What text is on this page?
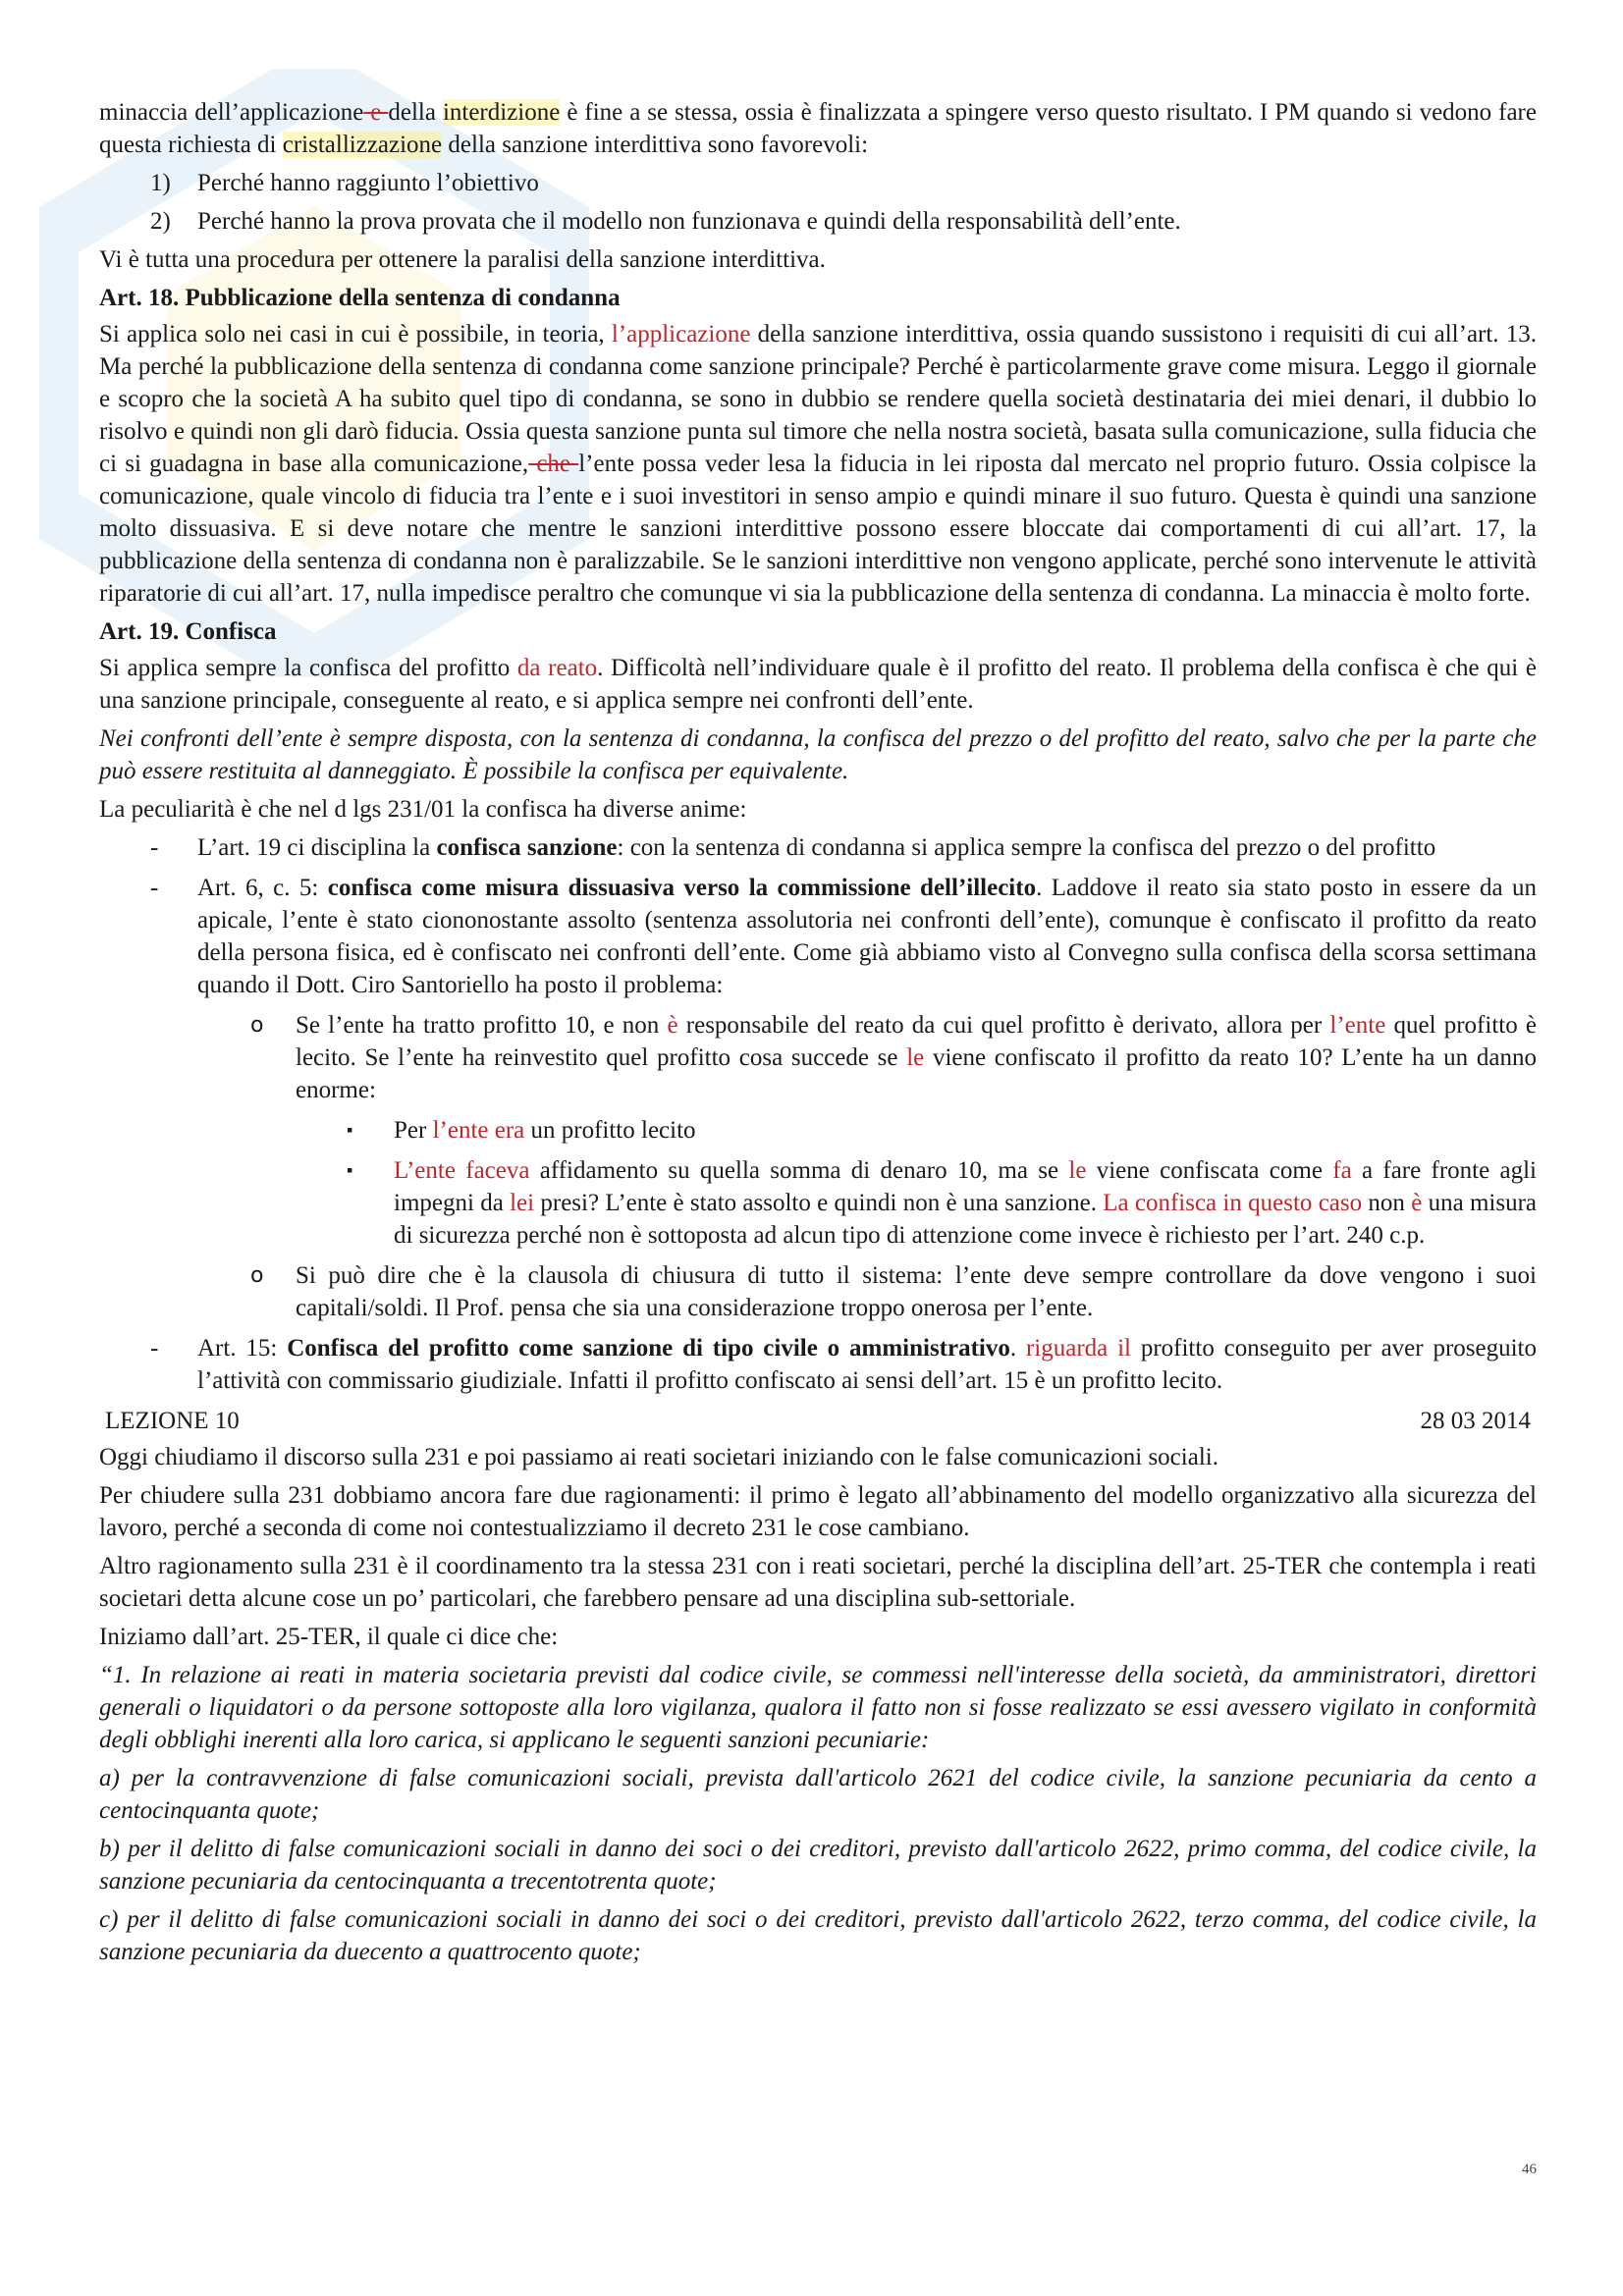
minaccia dell’applicazione e della interdizione è fine a se stessa, ossia è finalizzata a spingere verso questo risultato. I PM quando si vedono fare questa richiesta di cristallizzazione della sanzione interdittiva sono favorevoli:

1) Perché hanno raggiunto l’obiettivo
2) Perché hanno la prova provata che il modello non funzionava e quindi della responsabilità dell’ente.

Vi è tutta una procedura per ottenere la paralisi della sanzione interdittiva.

Art. 18. Pubblicazione della sentenza di condanna

Si applica solo nei casi in cui è possibile, in teoria, l’applicazione della sanzione interdittiva, ossia quando sussistono i requisiti di cui all’art. 13. Ma perché la pubblicazione della sentenza di condanna come sanzione principale? Perché è particolarmente grave come misura. Leggo il giornale e scopro che la società A ha subito quel tipo di condanna, se sono in dubbio se rendere quella società destinataria dei miei denari, il dubbio lo risolvo e quindi non gli darò fiducia. Ossia questa sanzione punta sul timore che nella nostra società, basata sulla comunicazione, sulla fiducia che ci si guadagna in base alla comunicazione, che l’ente possa veder lesa la fiducia in lei riposta dal mercato nel proprio futuro. Ossia colpisce la comunicazione, quale vincolo di fiducia tra l’ente e i suoi investitori in senso ampio e quindi minare il suo futuro. Questa è quindi una sanzione molto dissuasiva. E si deve notare che mentre le sanzioni interdittive possono essere bloccate dai comportamenti di cui all’art. 17, la pubblicazione della sentenza di condanna non è paralizzabile. Se le sanzioni interdittive non vengono applicate, perché sono intervenute le attività riparatorie di cui all’art. 17, nulla impedisce peraltro che comunque vi sia la pubblicazione della sentenza di condanna. La minaccia è molto forte.

Art. 19. Confisca

Si applica sempre la confisca del profitto da reato. Difficoltà nell’individuare quale è il profitto del reato. Il problema della confisca è che qui è una sanzione principale, conseguente al reato, e si applica sempre nei confronti dell’ente.

Nei confronti dell’ente è sempre disposta, con la sentenza di condanna, la confisca del prezzo o del profitto del reato, salvo che per la parte che può essere restituita al danneggiato. È possibile la confisca per equivalente.

La peculiarità è che nel d lgs 231/01 la confisca ha diverse anime:

- L’art. 19 ci disciplina la confisca sanzione: con la sentenza di condanna si applica sempre la confisca del prezzo o del profitto
- Art. 6, c. 5: confisca come misura dissuasiva verso la commissione dell’illecito. Laddove il reato sia stato posto in essere da un apicale, l’ente è stato ciononostante assolto (sentenza assolutoria nei confronti dell’ente), comunque è confiscato il profitto da reato della persona fisica, ed è confiscato nei confronti dell’ente. Come già abbiamo visto al Convegno sulla confisca della scorsa settimana quando il Dott. Ciro Santoriello ha posto il problema:
o Se l’ente ha tratto profitto 10, e non è responsabile del reato da cui quel profitto è derivato, allora per l’ente quel profitto è lecito. Se l’ente ha reinvestito quel profitto cosa succede se le viene confiscato il profitto da reato 10? L’ente ha un danno enorme:
▪ Per l’ente era un profitto lecito
▪ L’ente faceva affidamento su quella somma di denaro 10, ma se le viene confiscata come fa a fare fronte agli impegni da lei presi? L’ente è stato assolto e quindi non è una sanzione. La confisca in questo caso non è una misura di sicurezza perché non è sottoposta ad alcun tipo di attenzione come invece è richiesto per l’art. 240 c.p.
o Si può dire che è la clausola di chiusura di tutto il sistema: l’ente deve sempre controllare da dove vengono i suoi capitali/soldi. Il Prof. pensa che sia una considerazione troppo onerosa per l’ente.
- Art. 15: Confisca del profitto come sanzione di tipo civile o amministrativo. riguarda il profitto conseguito per aver proseguito l’attività con commissario giudiziale. Infatti il profitto confiscato ai sensi dell’art. 15 è un profitto lecito.
LEZIONE 10	28 03 2014

Oggi chiudiamo il discorso sulla 231 e poi passiamo ai reati societari iniziando con le false comunicazioni sociali.

Per chiudere sulla 231 dobbiamo ancora fare due ragionamenti: il primo è legato all’abbinamento del modello organizzativo alla sicurezza del lavoro, perché a seconda di come noi contestualizziamo il decreto 231 le cose cambiano.

Altro ragionamento sulla 231 è il coordinamento tra la stessa 231 con i reati societari, perché la disciplina dell’art. 25-TER che contempla i reati societari detta alcune cose un po’ particolari, che farebbero pensare ad una disciplina sub-settoriale.

Iniziamo dall’art. 25-TER, il quale ci dice che:

“1. In relazione ai reati in materia societaria previsti dal codice civile, se commessi nell'interesse della società, da amministratori, direttori generali o liquidatori o da persone sottoposte alla loro vigilanza, qualora il fatto non si fosse realizzato se essi avessero vigilato in conformità degli obblighi inerenti alla loro carica, si applicano le seguenti sanzioni pecuniarie:

a) per la contravvenzione di false comunicazioni sociali, prevista dall'articolo 2621 del codice civile, la sanzione pecuniaria da cento a centocinquanta quote;

b) per il delitto di false comunicazioni sociali in danno dei soci o dei creditori, previsto dall'articolo 2622, primo comma, del codice civile, la sanzione pecuniaria da centocinquanta a trecentotrenta quote;

c) per il delitto di false comunicazioni sociali in danno dei soci o dei creditori, previsto dall'articolo 2622, terzo comma, del codice civile, la sanzione pecuniaria da duecento a quattrocento quote;

46
